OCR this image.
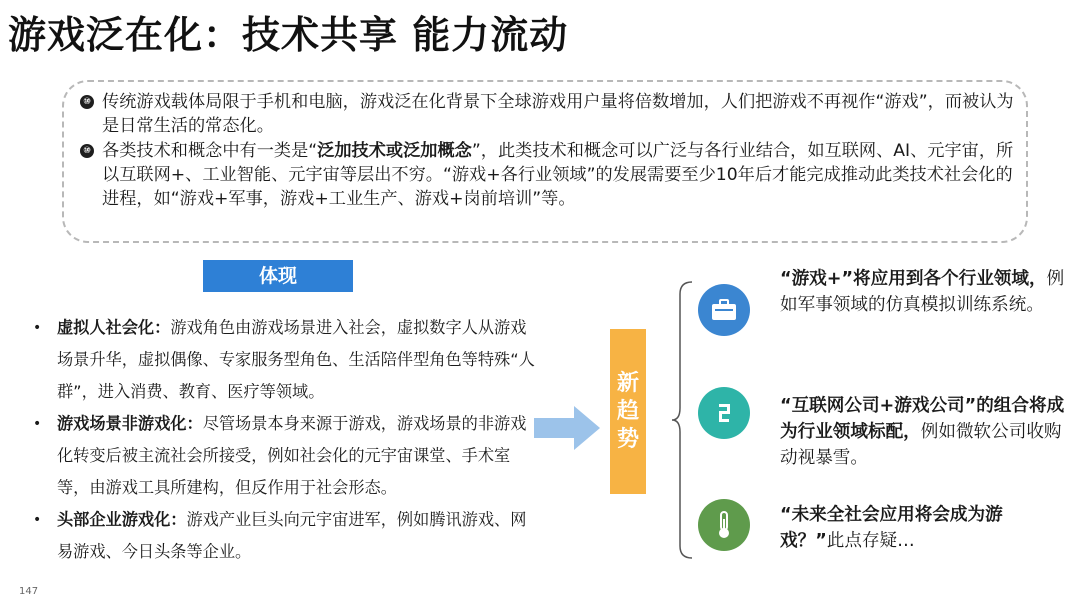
游戏泛在化：技术共享 能力流动
⑩ 传统游戏载体局限于手机和电脑，游戏泛在化背景下全球游戏用户量将倍数增加，人们把游戏不再视作“游戏”，而被认为是日常生活的常态化。
⑩ 各类技术和概念中有一类是“泛加技术或泛加概念”，此类技术和概念可以广泛与各行业结合，如互联网、AI、元宇宙，所以互联网+、工业智能、元宇宙等层出不穷。“游戏+各行业领域”的发展需要至少10年后才能完成推动此类技术社会化的进程，如“游戏+军事，游戏+工业生产、游戏+岗前培训”等。
体现
• 虚拟人社会化：游戏角色由游戏场景进入社会，虚拟数字人从游戏场景升华，虚拟偶像、专家服务型角色、生活陪伴型角色等特殊“人群”，进入消费、教育、医疗等领域。
• 游戏场景非游戏化：尽管场景本身来源于游戏，游戏场景的非游戏化转变后被主流社会所接受，例如社会化的元宇宙课堂、手术室等，由游戏工具所建构，但反作用于社会形态。
• 头部企业游戏化：游戏产业巨头向元宇宙进军，例如腾讯游戏、网易游戏、今日头条等企业。
新
趋
势
“游戏+”将应用到各个行业领域，例如军事领域的仿真模拟训练系统。
“互联网公司+游戏公司”的组合将成为行业领域标配，例如微软公司收购动视暴雪。
“未来全社会应用将会成为游戏？”此点存疑…
147
